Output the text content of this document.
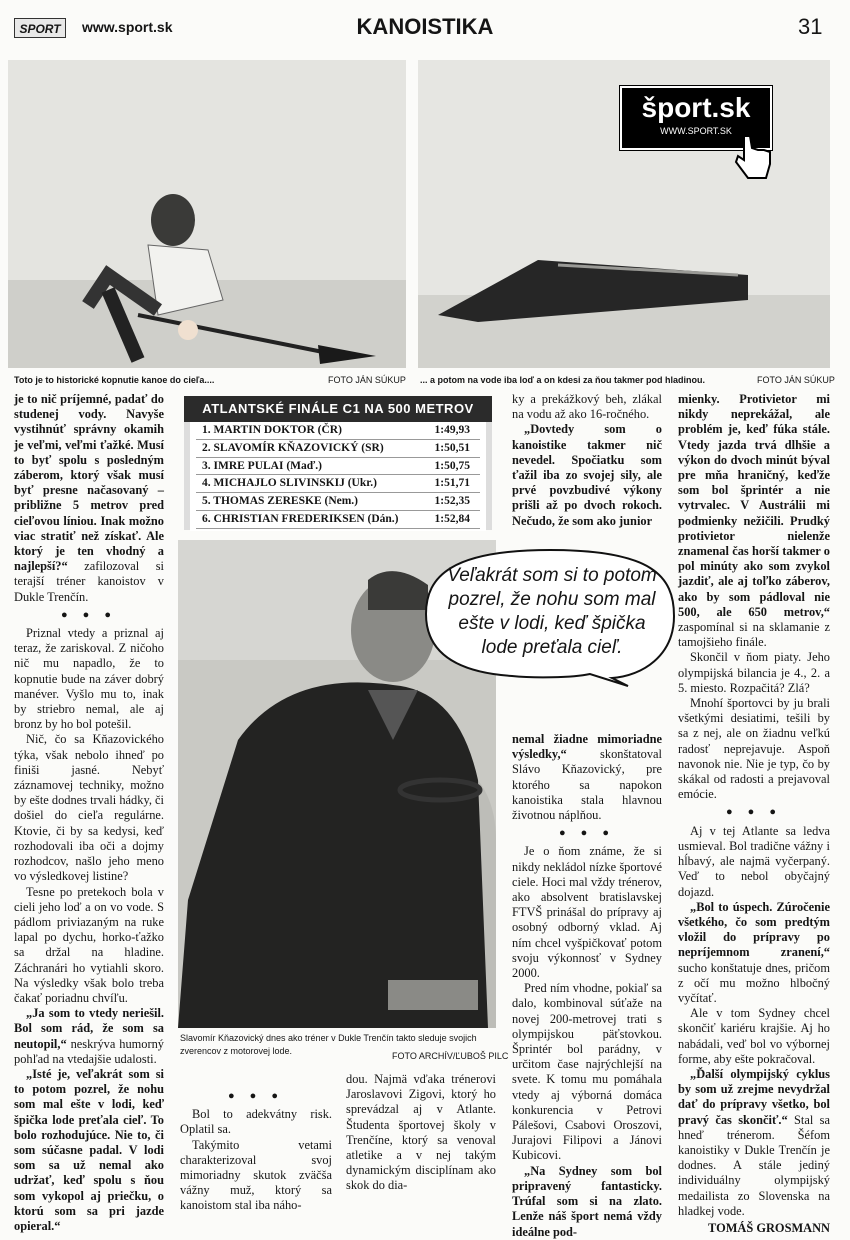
SPORT	www.sport.sk	KANOISTIKA	31
Toto je to historické kopnutie kanoe do cieľa....	FOTO JÁN SÚKUP
šport.sk
WWW.SPORT.SK
... a potom na vode iba loď a on kdesi za ňou takmer pod hladinou.	FOTO JÁN SÚKUP

je to nič príjemné, padať do studenej vody. Navyše vystihnúť správny okamih je veľmi, veľmi ťažké. Musí to byť spolu s posledným záberom, ktorý však musí byť presne načasovaný – približne 5 metrov pred cieľovou líniou. Inak možno viac stratiť než získať. Ale ktorý je ten vhodný a najlepší?“ zafilozoval si terajší tréner kanoistov v Dukle Trenčín.

● ● ●

Priznal vtedy a priznal aj teraz, že zariskoval. Z ničoho nič mu napadlo, že to kopnutie bude na záver dobrý manéver. Vyšlo mu to, inak by striebro nemal, ale aj bronz by ho bol potešil.

Nič, čo sa Kňazovického týka, však nebolo ihneď po finiši jasné. Nebyť záznamovej techniky, možno by ešte dodnes trvali hádky, či došiel do cieľa regulárne. Ktovie, či by sa kedysi, keď rozhodovali iba oči a dojmy rozhodcov, našlo jeho meno vo výsledkovej listine?

Tesne po pretekoch bola v cieli jeho loď a on vo vode. S pádlom priviazaným na ruke lapal po dychu, horko-ťažko sa držal na hladine. Záchranári ho vytiahli skoro. Na výsledky však bolo treba čakať poriadnu chvíľu.

„Ja som to vtedy neriešil. Bol som rád, že som sa neutopil,“ neskrýva humorný pohľad na vtedajšie udalosti.

„Isté je, veľakrát som si to potom pozrel, že nohu som mal ešte v lodi, keď špička lode preťala cieľ. To bolo rozhodujúce. Nie to, či som súčasne padal. V lodi som sa už nemal ako udržať, keď spolu s ňou som vykopol aj priečku, o ktorú som sa pri jazde opieral.“

ATLANTSKÉ FINÁLE C1 NA 500 METROV
1. MARTIN DOKTOR (ČR)	1:49,93
2. SLAVOMÍR KŇAZOVICKÝ (SR)	1:50,51
3. IMRE PULAI (Maď.)	1:50,75
4. MICHAJLO SLIVINSKIJ (Ukr.)	1:51,71
5. THOMAS ZERESKE (Nem.)	1:52,35
6. CHRISTIAN FREDERIKSEN (Dán.)	1:52,84
Slavomír Kňazovický dnes ako tréner v Dukle Trenčín takto sleduje svojich zverencov z motorovej lode.	FOTO ARCHÍV/ĽUBOŠ PILC
Veľakrát som si to potom pozrel, že nohu som mal ešte v lodi, keď špička lode preťala cieľ.
● ● ●

Bol to adekvátny risk. Oplatil sa.

Takýmito vetami charakterizoval svoj mimoriadny skutok zväčša vážny muž, ktorý sa kanoistom stal iba náho-

dou. Najmä vďaka trénerovi Jaroslavovi Zigovi, ktorý ho sprevádzal aj v Atlante. Študenta športovej školy v Trenčíne, ktorý sa venoval atletike a v nej takým dynamickým disciplínam ako skok do dia-

ky a prekážkový beh, zlákal na vodu až ako 16-ročného.

„Dovtedy som o kanoistike takmer nič nevedel. Spočiatku som ťažil iba zo svojej sily, ale prvé povzbudivé výkony prišli až po dvoch rokoch. Nečudo, že som ako junior

nemal žiadne mimoriadne výsledky,“ skonštatoval Slávo Kňazovický, pre ktorého sa napokon kanoistika stala hlavnou životnou náplňou.

● ● ●

Je o ňom známe, že si nikdy nekládol nízke športové ciele. Hoci mal vždy trénerov, ako absolvent bratislavskej FTVŠ prinášal do prípravy aj osobný odborný vklad. Aj ním chcel vyšpičkovať potom svoju výkonnosť v Sydney 2000.

Pred ním vhodne, pokiaľ sa dalo, kombinoval súťaže na novej 200-metrovej trati s olympijskou päťstovkou. Šprintér bol parádny, v určitom čase najrýchlejší na svete. K tomu mu pomáhala vtedy aj výborná domáca konkurencia v Petrovi Pálešovi, Csabovi Oroszovi, Jurajovi Filipovi a Jánovi Kubicovi.

„Na Sydney som bol pripravený fantasticky. Trúfal som si na zlato. Lenže náš šport nemá vždy ideálne pod-

mienky. Protivietor mi nikdy neprekážal, ale problém je, keď fúka stále. Vtedy jazda trvá dlhšie a výkon do dvoch minút býval pre mňa hraničný, keďže som bol šprintér a nie vytrvalec. V Austrálii mi podmienky nežičili. Prudký protivietor nielenže znamenal čas horší takmer o pol minúty ako som zvykol jazdiť, ale aj toľko záberov, ako by som pádloval nie 500, ale 650 metrov,“ zaspomínal si na sklamanie z tamojšieho finále.

Skončil v ňom piaty. Jeho olympijská bilancia je 4., 2. a 5. miesto. Rozpačitá? Zlá?

Mnohí športovci by ju brali všetkými desiatimi, tešili by sa z nej, ale on žiadnu veľkú radosť neprejavuje. Aspoň navonok nie. Nie je typ, čo by skákal od radosti a prejavoval emócie.

● ● ●

Aj v tej Atlante sa ledva usmieval. Bol tradične vážny i hĺbavý, ale najmä vyčerpaný. Veď to nebol obyčajný dojazd.

„Bol to úspech. Zúročenie všetkého, čo som predtým vložil do prípravy po nepríjemnom zranení,“ sucho konštatuje dnes, pričom z očí mu možno hlbočný vyčítať.

Ale v tom Sydney chcel skončiť kariéru krajšie. Aj ho nabádali, veď bol vo výbornej forme, aby ešte pokračoval.

„Ďalší olympijský cyklus by som už zrejme nevydržal dať do prípravy všetko, bol pravý čas skončiť.“ Stal sa hneď trénerom. Šéfom kanoistiky v Dukle Trenčín je dodnes. A stále jediný individuálny olympijský medailista zo Slovenska na hladkej vode.

TOMÁŠ GROSMANN
